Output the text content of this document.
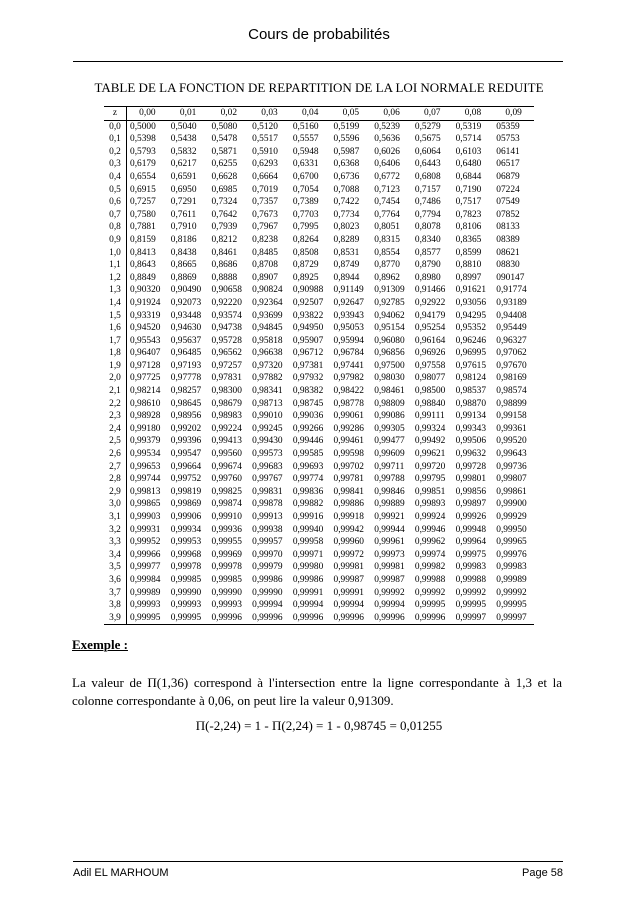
Cours de probabilités
TABLE DE LA FONCTION DE REPARTITION DE LA LOI NORMALE REDUITE
z	0,00	0,01	0,02	0,03	0,04	0,05	0,06	0,07	0,08	0,09
0,0	0,5000	0,5040	0,5080	0,5120	0,5160	0,5199	0,5239	0,5279	0,5319	05359
0,1	0,5398	0,5438	0,5478	0,5517	0,5557	0,5596	0,5636	0,5675	0,5714	05753
0,2	0,5793	0,5832	0,5871	0,5910	0,5948	0,5987	0,6026	0,6064	0,6103	06141
0,3	0,6179	0,6217	0,6255	0,6293	0,6331	0,6368	0,6406	0,6443	0,6480	06517
0,4	0,6554	0,6591	0,6628	0,6664	0,6700	0,6736	0,6772	0,6808	0,6844	06879
0,5	0,6915	0,6950	0,6985	0,7019	0,7054	0,7088	0,7123	0,7157	0,7190	07224
0,6	0,7257	0,7291	0,7324	0,7357	0,7389	0,7422	0,7454	0,7486	0,7517	07549
0,7	0,7580	0,7611	0,7642	0,7673	0,7703	0,7734	0,7764	0,7794	0,7823	07852
0,8	0,7881	0,7910	0,7939	0,7967	0,7995	0,8023	0,8051	0,8078	0,8106	08133
0,9	0,8159	0,8186	0,8212	0,8238	0,8264	0,8289	0,8315	0,8340	0,8365	08389
1,0	0,8413	0,8438	0,8461	0,8485	0,8508	0,8531	0,8554	0,8577	0,8599	08621
1,1	0,8643	0,8665	0,8686	0,8708	0,8729	0,8749	0,8770	0,8790	0,8810	08830
1,2	0,8849	0,8869	0,8888	0,8907	0,8925	0,8944	0,8962	0,8980	0,8997	090147
1,3	0,90320	0,90490	0,90658	0,90824	0,90988	0,91149	0,91309	0,91466	0,91621	0,91774
1,4	0,91924	0,92073	0,92220	0,92364	0,92507	0,92647	0,92785	0,92922	0,93056	0,93189
1,5	0,93319	0,93448	0,93574	0,93699	0,93822	0,93943	0,94062	0,94179	0,94295	0,94408
1,6	0,94520	0,94630	0,94738	0,94845	0,94950	0,95053	0,95154	0,95254	0,95352	0,95449
1,7	0,95543	0,95637	0,95728	0,95818	0,95907	0,95994	0,96080	0,96164	0,96246	0,96327
1,8	0,96407	0,96485	0,96562	0,96638	0,96712	0,96784	0,96856	0,96926	0,96995	0,97062
1,9	0,97128	0,97193	0,97257	0,97320	0,97381	0,97441	0,97500	0,97558	0,97615	0,97670
2,0	0,97725	0,97778	0,97831	0,97882	0,97932	0,97982	0,98030	0,98077	0,98124	0,98169
2,1	0,98214	0,98257	0,98300	0,98341	0,98382	0,98422	0,98461	0,98500	0,98537	0,98574
2,2	0,98610	0,98645	0,98679	0,98713	0,98745	0,98778	0,98809	0,98840	0,98870	0,98899
2,3	0,98928	0,98956	0,98983	0,99010	0,99036	0,99061	0,99086	0,99111	0,99134	0,99158
2,4	0,99180	0,99202	0,99224	0,99245	0,99266	0,99286	0,99305	0,99324	0,99343	0,99361
2,5	0,99379	0,99396	0,99413	0,99430	0,99446	0,99461	0,99477	0,99492	0,99506	0,99520
2,6	0,99534	0,99547	0,99560	0,99573	0,99585	0,99598	0,99609	0,99621	0,99632	0,99643
2,7	0,99653	0,99664	0,99674	0,99683	0,99693	0,99702	0,99711	0,99720	0,99728	0,99736
2,8	0,99744	0,99752	0,99760	0,99767	0,99774	0,99781	0,99788	0,99795	0,99801	0,99807
2,9	0,99813	0,99819	0,99825	0,99831	0,99836	0,99841	0,99846	0,99851	0,99856	0,99861
3,0	0,99865	0,99869	0,99874	0,99878	0,99882	0,99886	0,99889	0,99893	0,99897	0,99900
3,1	0,99903	0,99906	0,99910	0,99913	0,99916	0,99918	0,99921	0,99924	0,99926	0,99929
3,2	0,99931	0,99934	0,99936	0,99938	0,99940	0,99942	0,99944	0,99946	0,99948	0,99950
3,3	0,99952	0,99953	0,99955	0,99957	0,99958	0,99960	0,99961	0,99962	0,99964	0,99965
3,4	0,99966	0,99968	0,99969	0,99970	0,99971	0,99972	0,99973	0,99974	0,99975	0,99976
3,5	0,99977	0,99978	0,99978	0,99979	0,99980	0,99981	0,99981	0,99982	0,99983	0,99983
3,6	0,99984	0,99985	0,99985	0,99986	0,99986	0,99987	0,99987	0,99988	0,99988	0,99989
3,7	0,99989	0,99990	0,99990	0,99990	0,99991	0,99991	0,99992	0,99992	0,99992	0,99992
3,8	0,99993	0,99993	0,99993	0,99994	0,99994	0,99994	0,99994	0,99995	0,99995	0,99995
3,9	0,99995	0,99995	0,99996	0,99996	0,99996	0,99996	0,99996	0,99996	0,99997	0,99997
Exemple :
La valeur de Π(1,36) correspond à l'intersection entre la ligne correspondante à 1,3 et la colonne correspondante à 0,06, on peut lire la valeur 0,91309.
Π(-2,24) = 1 - Π(2,24) = 1 - 0,98745 = 0,01255
Adil EL MARHOUM	Page 58
